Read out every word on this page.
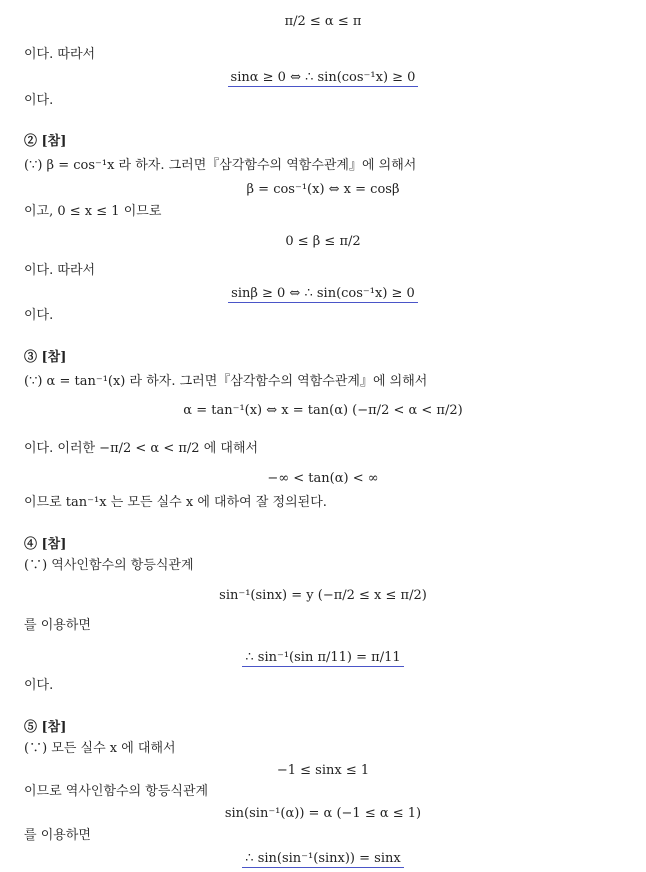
π/2 ≤ α ≤ π
이다. 따라서
sinα ≥ 0 ⇔ ∴ sin(cos⁻¹x) ≥ 0
이다.
② [참]
(∵) β = cos⁻¹x 라 하자. 그러면『삼각함수의 역함수관계』에 의해서
β = cos⁻¹(x) ⇔ x = cosβ
이고, 0 ≤ x ≤ 1 이므로
0 ≤ β ≤ π/2
이다. 따라서
sinβ ≥ 0 ⇔ ∴ sin(cos⁻¹x) ≥ 0
이다.
③ [참]
(∵) α = tan⁻¹(x) 라 하자. 그러면『삼각함수의 역함수관계』에 의해서
α = tan⁻¹(x) ⇔ x = tan(α) (−π/2 < α < π/2)
이다. 이러한 −π/2 < α < π/2 에 대해서
−∞ < tan(α) < ∞
이므로 tan⁻¹x 는 모든 실수 x 에 대하여 잘 정의된다.
④ [참]
(∵) 역사인함수의 항등식관계
sin⁻¹(sinx) = y (−π/2 ≤ x ≤ π/2)
를 이용하면
∴ sin⁻¹(sin π/11) = π/11
이다.
⑤ [참]
(∵) 모든 실수 x 에 대해서
−1 ≤ sinx ≤ 1
이므로 역사인함수의 항등식관계
sin(sin⁻¹(α)) = α (−1 ≤ α ≤ 1)
를 이용하면
∴ sin(sin⁻¹(sinx)) = sinx
